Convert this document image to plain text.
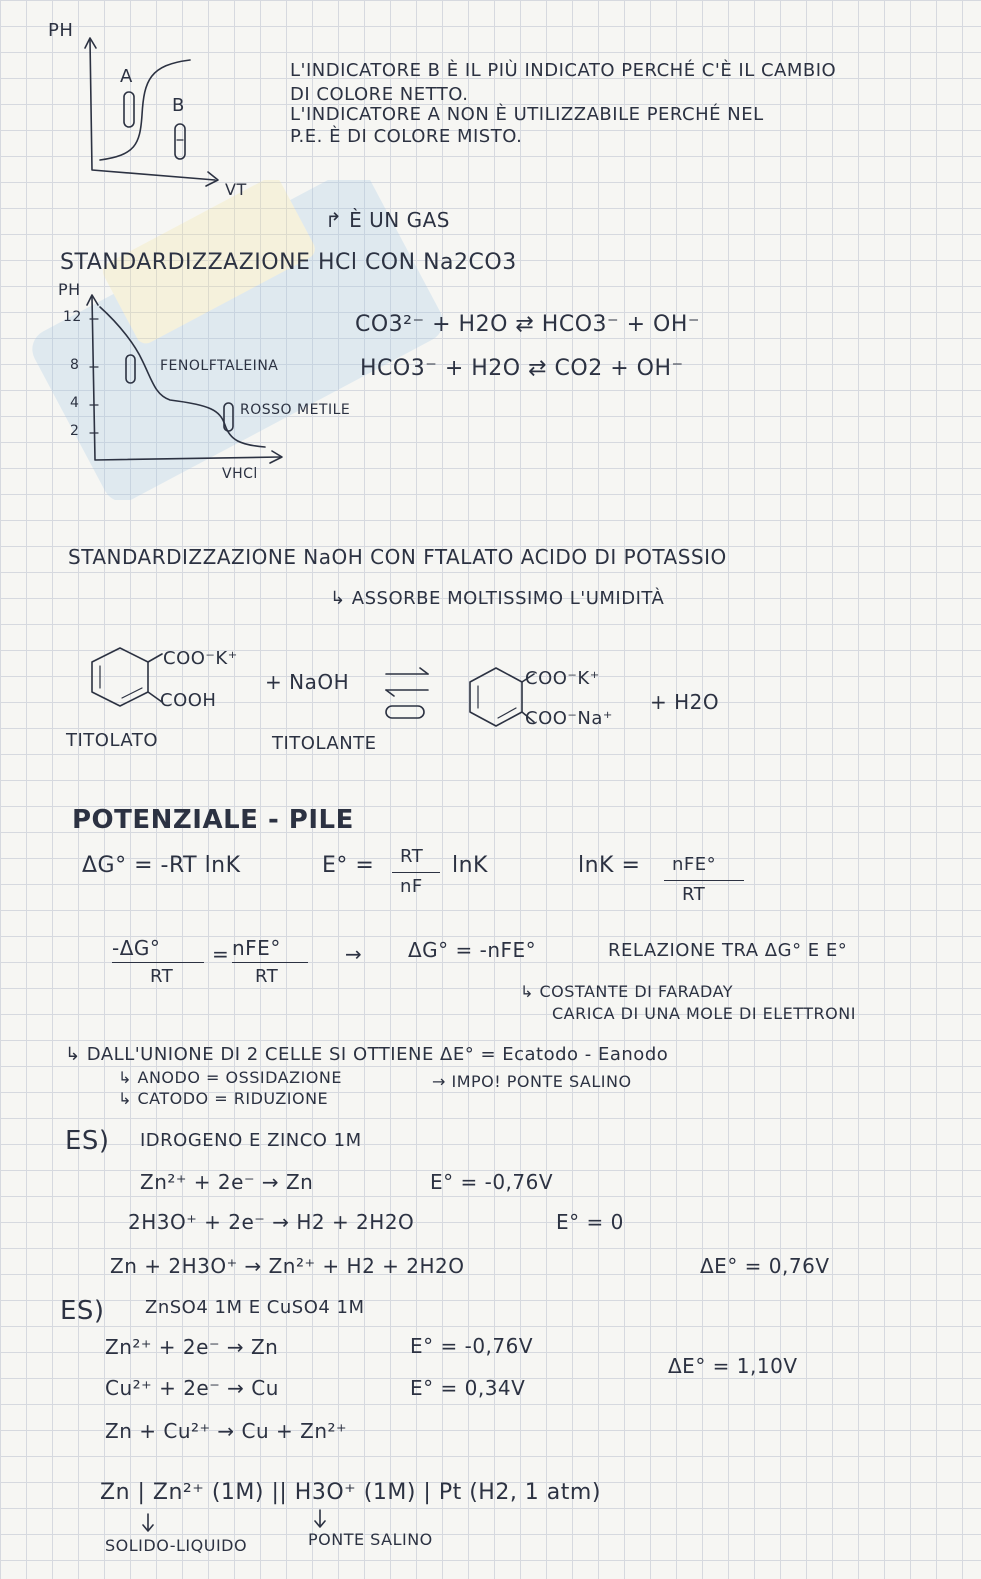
PH
VT
A
B
L'INDICATORE B È IL PIÙ INDICATO PERCHÉ C'È IL CAMBIO
DI COLORE NETTO.
L'INDICATORE A NON È UTILIZZABILE PERCHÉ NEL
P.E. È DI COLORE MISTO.
↱ È UN GAS
STANDARDIZZAZIONE HCl CON Na2CO3
PH
12
8
4
2
VHCl
FENOLFTALEINA
ROSSO METILE
CO3²⁻ + H2O ⇄ HCO3⁻ + OH⁻
HCO3⁻ + H2O ⇄ CO2 + OH⁻
STANDARDIZZAZIONE NaOH CON FTALATO ACIDO DI POTASSIO
↳ ASSORBE MOLTISSIMO L'UMIDITÀ
COO⁻K⁺
COOH
+ NaOH	COO⁻K⁺
COO⁻Na⁺
+ H2O
TITOLATO	TITOLANTE
POTENZIALE - PILE
ΔG° = -RT lnK	E° = RT
nF
lnK	lnK = nFE°
RT
-ΔG°
RT
= nFE°
RT
→ ΔG° = -nFE°	RELAZIONE TRA ΔG° E E°
↳ COSTANTE DI FARADAY
CARICA DI UNA MOLE DI ELETTRONI
↳ DALL'UNIONE DI 2 CELLE SI OTTIENE ΔE° = Ecatodo - Eanodo
↳ ANODO = OSSIDAZIONE	→ IMPO! PONTE SALINO
↳ CATODO = RIDUZIONE
ES) IDROGENO E ZINCO 1M
Zn²⁺ + 2e⁻ → Zn	E° = -0,76V
2H3O⁺ + 2e⁻ → H2 + 2H2O	E° = 0
Zn + 2H3O⁺ → Zn²⁺ + H2 + 2H2O	ΔE° = 0,76V
ES) ZnSO4 1M E CuSO4 1M
Zn²⁺ + 2e⁻ → Zn	E° = -0,76V
Cu²⁺ + 2e⁻ → Cu	E° = 0,34V
ΔE° = 1,10V
Zn + Cu²⁺ → Cu + Zn²⁺
Zn | Zn²⁺ (1M) || H3O⁺ (1M) | Pt (H2, 1 atm)
SOLIDO-LIQUIDO	PONTE SALINO
